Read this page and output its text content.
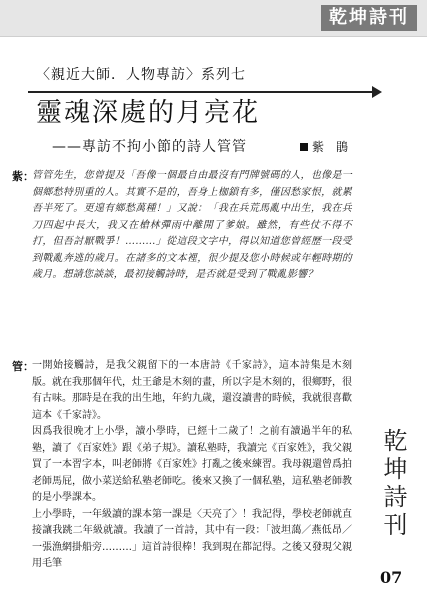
乾坤詩刊
〈親近大師．人物專訪〉系列七
靈魂深處的月亮花
——專訪不拘小節的詩人管管	紫　鵑
紫：
管管先生，您曾提及「吾像一個最自由最沒有門牌號碼的人，也像是一個鄉愁特別重的人。其實不是的，吾身上枷鎖有多，僅因愁家恨，就累吾半死了。更遑有鄉愁萬種！」又說：「我在兵荒馬亂中出生，我在兵刀四起中長大，我又在槍林彈雨中離開了爹娘。雖然，有些仗不得不打，但吾討厭戰爭！………」從這段文字中，得以知道您曾經歷一段受到戰亂奔逃的歲月。在諸多的文本裡，很少提及您小時候或年輕時期的歲月。想請您談談，最初接觸詩時，是否就是受到了戰亂影響？
管：

一開始接觸詩，是我父親留下的一本唐詩《千家詩》，這本詩集是木刻版。就在我那個年代，灶王爺是木刻的畫，所以字是木刻的，很鄉野，很有古味。那時是在我的出生地，年約九歲，還沒讀書的時候，我就很喜歡這本《千家詩》。

因爲我很晚才上小學，讀小學時，已經十二歲了！之前有讀過半年的私塾，讀了《百家姓》跟《弟子規》。讀私塾時，我讀完《百家姓》，我父親買了一本習字本，叫老師將《百家姓》打亂之後來練習。我母親還曾爲拍老師馬屁，做小菜送給私塾老師吃。後來又換了一個私塾，這私塾老師教的是小學課本。

上小學時，一年級讀的課本第一課是〈天亮了〉！我記得，學校老師就直接讓我跳二年級就讀。我讀了一首詩，其中有一段：「波坦藹／燕低昂／一張漁網掛船旁………」這首詩很棒！我到現在都記得。之後又發現父親用毛筆

乾坤詩刊
07
